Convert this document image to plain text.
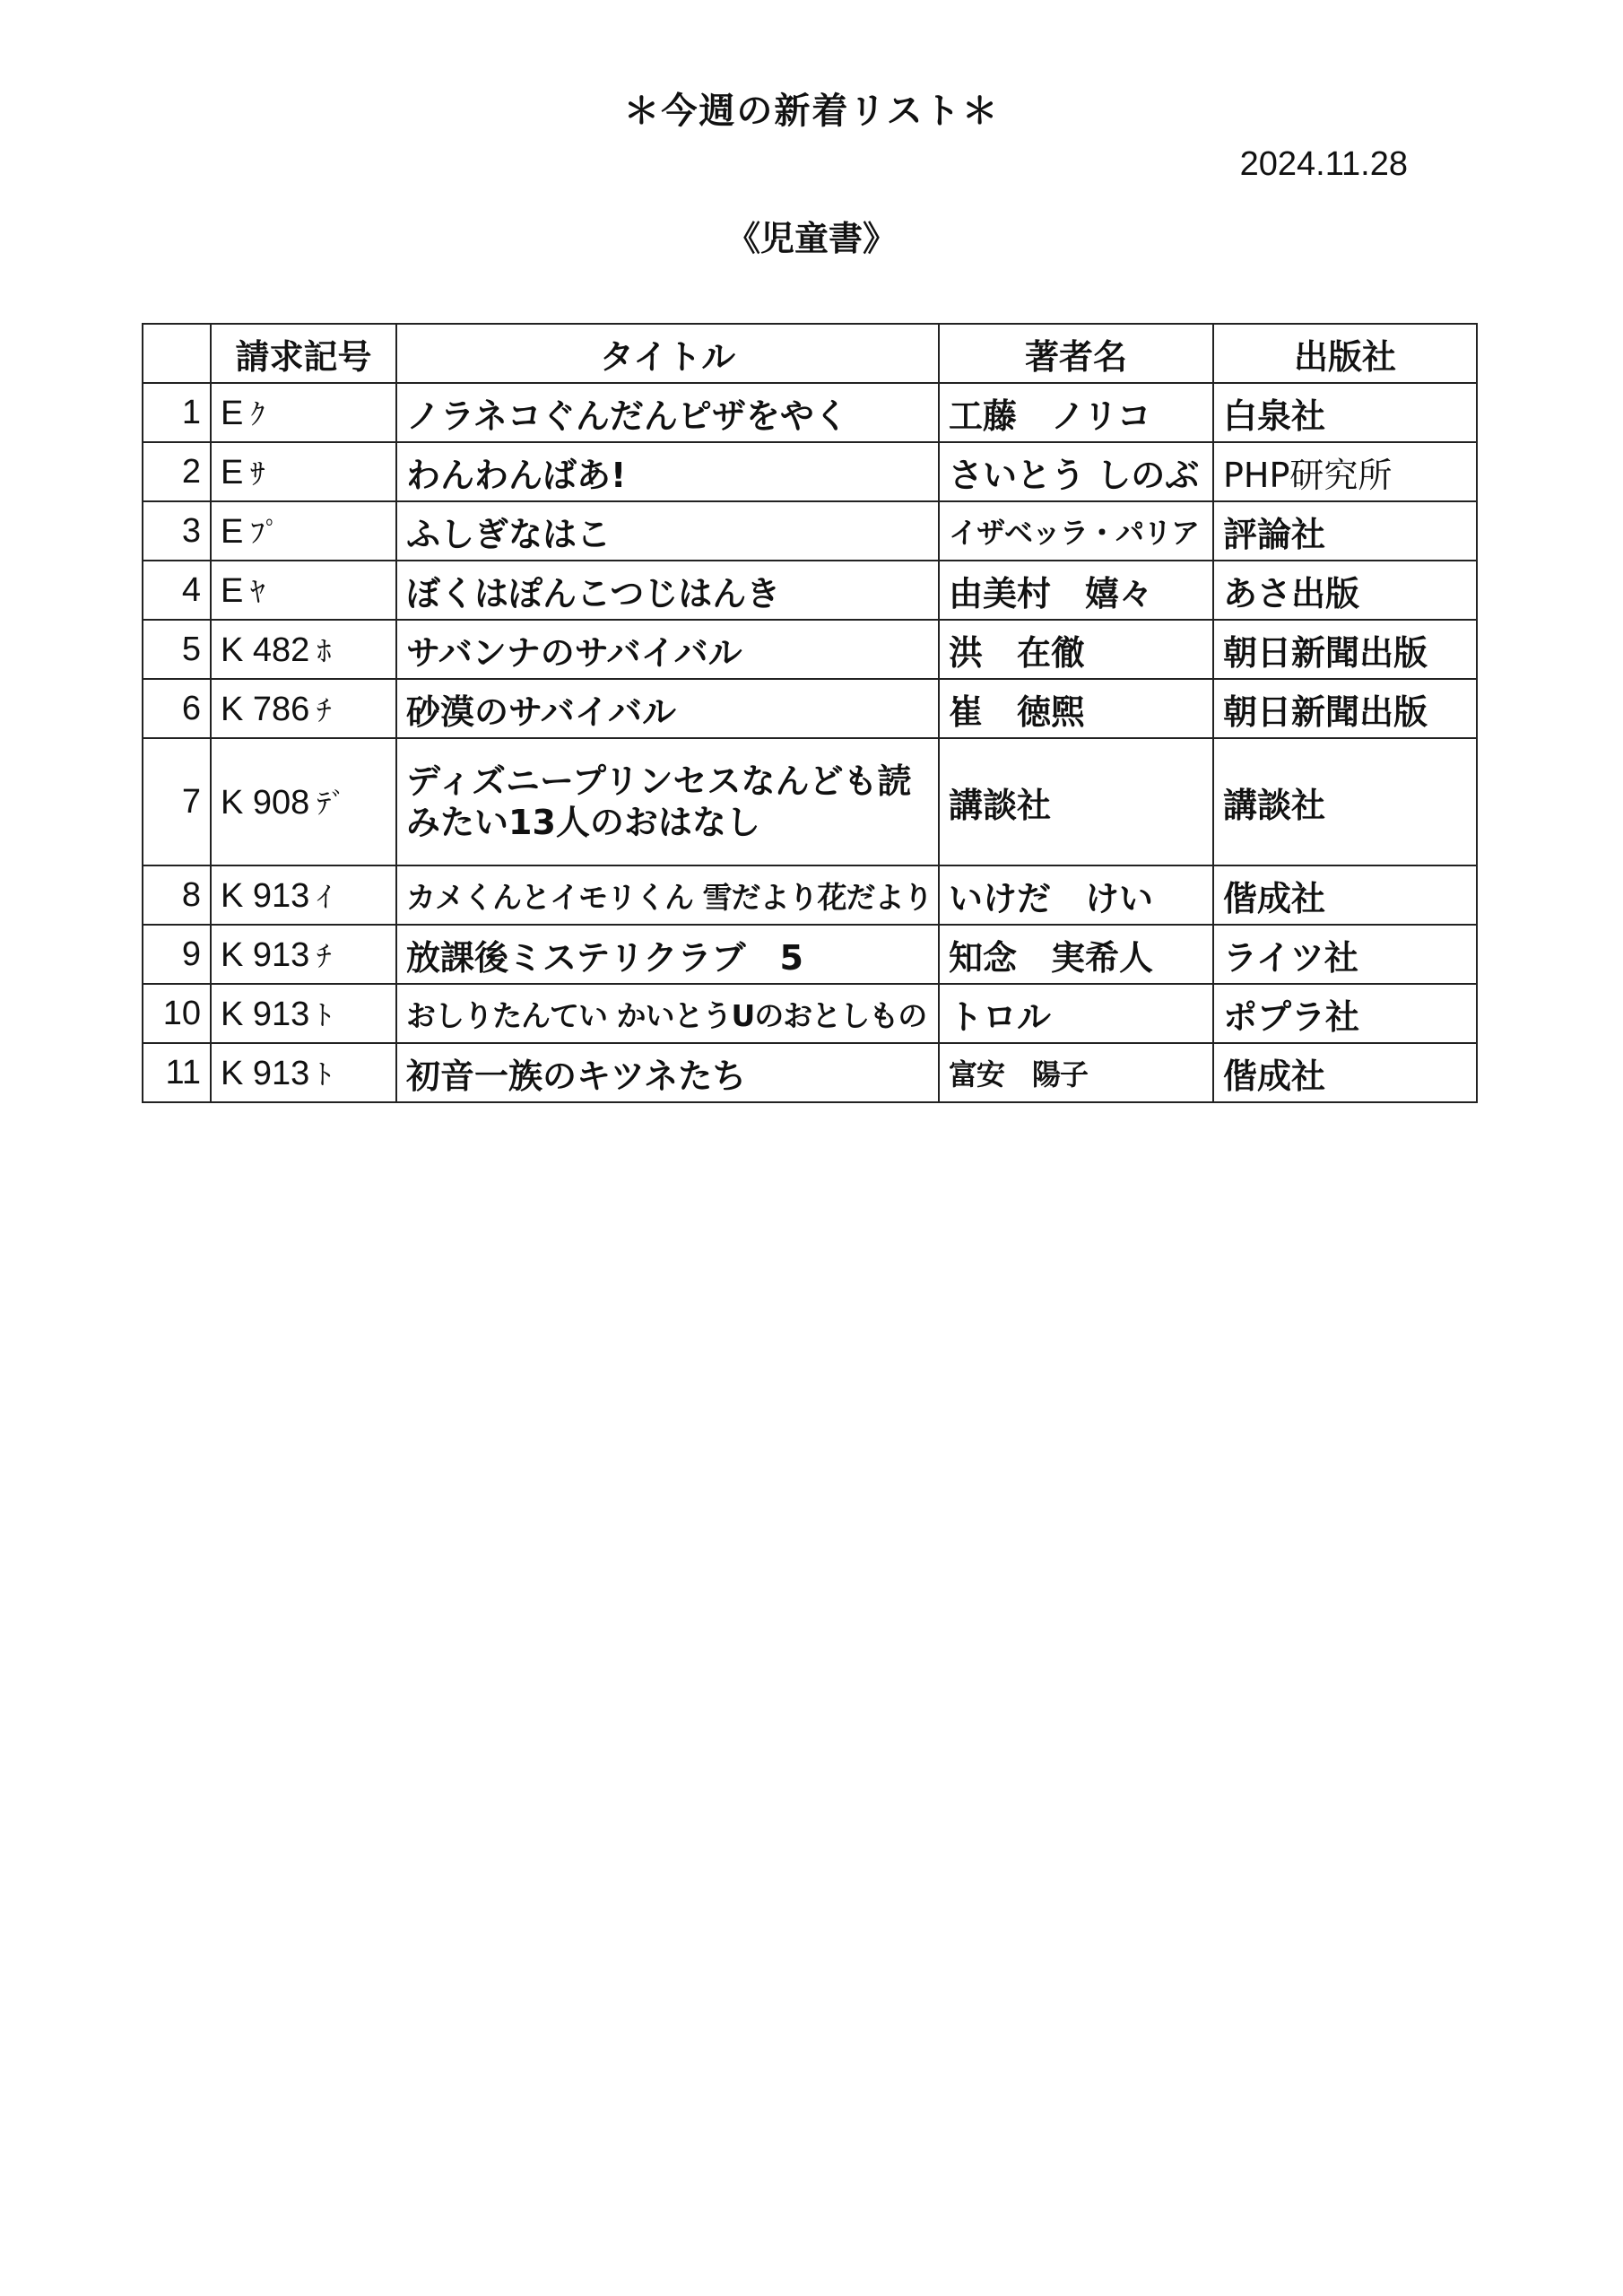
＊今週の新着リスト＊
2024.11.28
《児童書》
	請求記号	タイトル	著者名	出版社
1	E ｸ	ノラネコぐんだんピザをやく	工藤　ノリコ	白泉社
2	E ｻ	わんわんばあ!	さいとう しのぶ	PHP研究所
3	E ﾌﾟ	ふしぎなはこ	イザベッラ・パリア	評論社
4	E ﾔ	ぼくはぽんこつじはんき	由美村　嬉々	あさ出版
5	K 482 ﾎ	サバンナのサバイバル	洪　在徹	朝日新聞出版
6	K 786 ﾁ	砂漠のサバイバル	崔　徳煕	朝日新聞出版
7	K 908 ﾃﾞ	ディズニープリンセスなんども読みたい13人のおはなし	講談社	講談社
8	K 913 ｲ	カメくんとイモリくん 雪だより花だより	いけだ　けい	偕成社
9	K 913 ﾁ	放課後ミステリクラブ　5	知念　実希人	ライツ社
10	K 913 ﾄ	おしりたんてい かいとうUのおとしもの	トロル	ポプラ社
11	K 913 ﾄ	初音一族のキツネたち	富安　陽子	偕成社
